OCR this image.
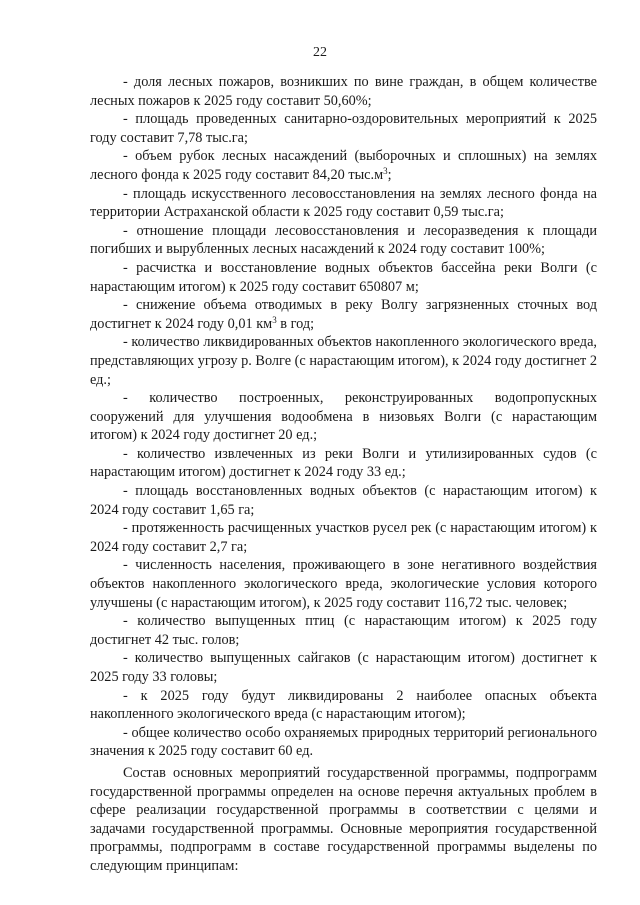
22

- доля лесных пожаров, возникших по вине граждан, в общем количестве лесных пожаров к 2025 году составит 50,60%;

- площадь проведенных санитарно-оздоровительных мероприятий к 2025 году составит 7,78 тыс.га;

- объем рубок лесных насаждений (выборочных и сплошных) на землях лесного фонда к 2025 году составит 84,20 $тыс.м^3$;

- площадь искусственного лесовосстановления на землях лесного фонда на территории Астраханской области к 2025 году составит 0,59 тыс.га;

- отношение площади лесовосстановления и лесоразведения к площади погибших и вырубленных лесных насаждений к 2024 году составит 100%;

- расчистка и восстановление водных объектов бассейна реки Волги (с нарастающим итогом) к 2025 году составит 650807 м;

- снижение объема отводимых в реку Волгу загрязненных сточных вод достигнет к 2024 году 0,01 $км^3$ в год;

- количество ликвидированных объектов накопленного экологического вреда, представляющих угрозу р. Волге (с нарастающим итогом), к 2024 году достигнет 2 ед.;

- количество построенных, реконструированных водопропускных сооружений для улучшения водообмена в низовьях Волги (с нарастающим итогом) к 2024 году достигнет 20 ед.;

- количество извлеченных из реки Волги и утилизированных судов (с нарастающим итогом) достигнет к 2024 году 33 ед.;

- площадь восстановленных водных объектов (с нарастающим итогом) к 2024 году составит 1,65 га;

- протяженность расчищенных участков русел рек (с нарастающим итогом) к 2024 году составит 2,7 га;

- численность населения, проживающего в зоне негативного воздействия объектов накопленного экологического вреда, экологические условия которого улучшены (с нарастающим итогом), к 2025 году составит 116,72 тыс. человек;

- количество выпущенных птиц (с нарастающим итогом) к 2025 году достигнет 42 тыс. голов;

- количество выпущенных сайгаков (с нарастающим итогом) достигнет к 2025 году 33 головы;

- к 2025 году будут ликвидированы 2 наиболее опасных объекта накопленного экологического вреда (с нарастающим итогом);

- общее количество особо охраняемых природных территорий регионального значения к 2025 году составит 60 ед.

Состав основных мероприятий государственной программы, подпрограмм государственной программы определен на основе перечня актуальных проблем в сфере реализации государственной программы в соответствии с целями и задачами государственной программы. Основные мероприятия государственной программы, подпрограмм в составе государственной программы выделены по следующим принципам:
